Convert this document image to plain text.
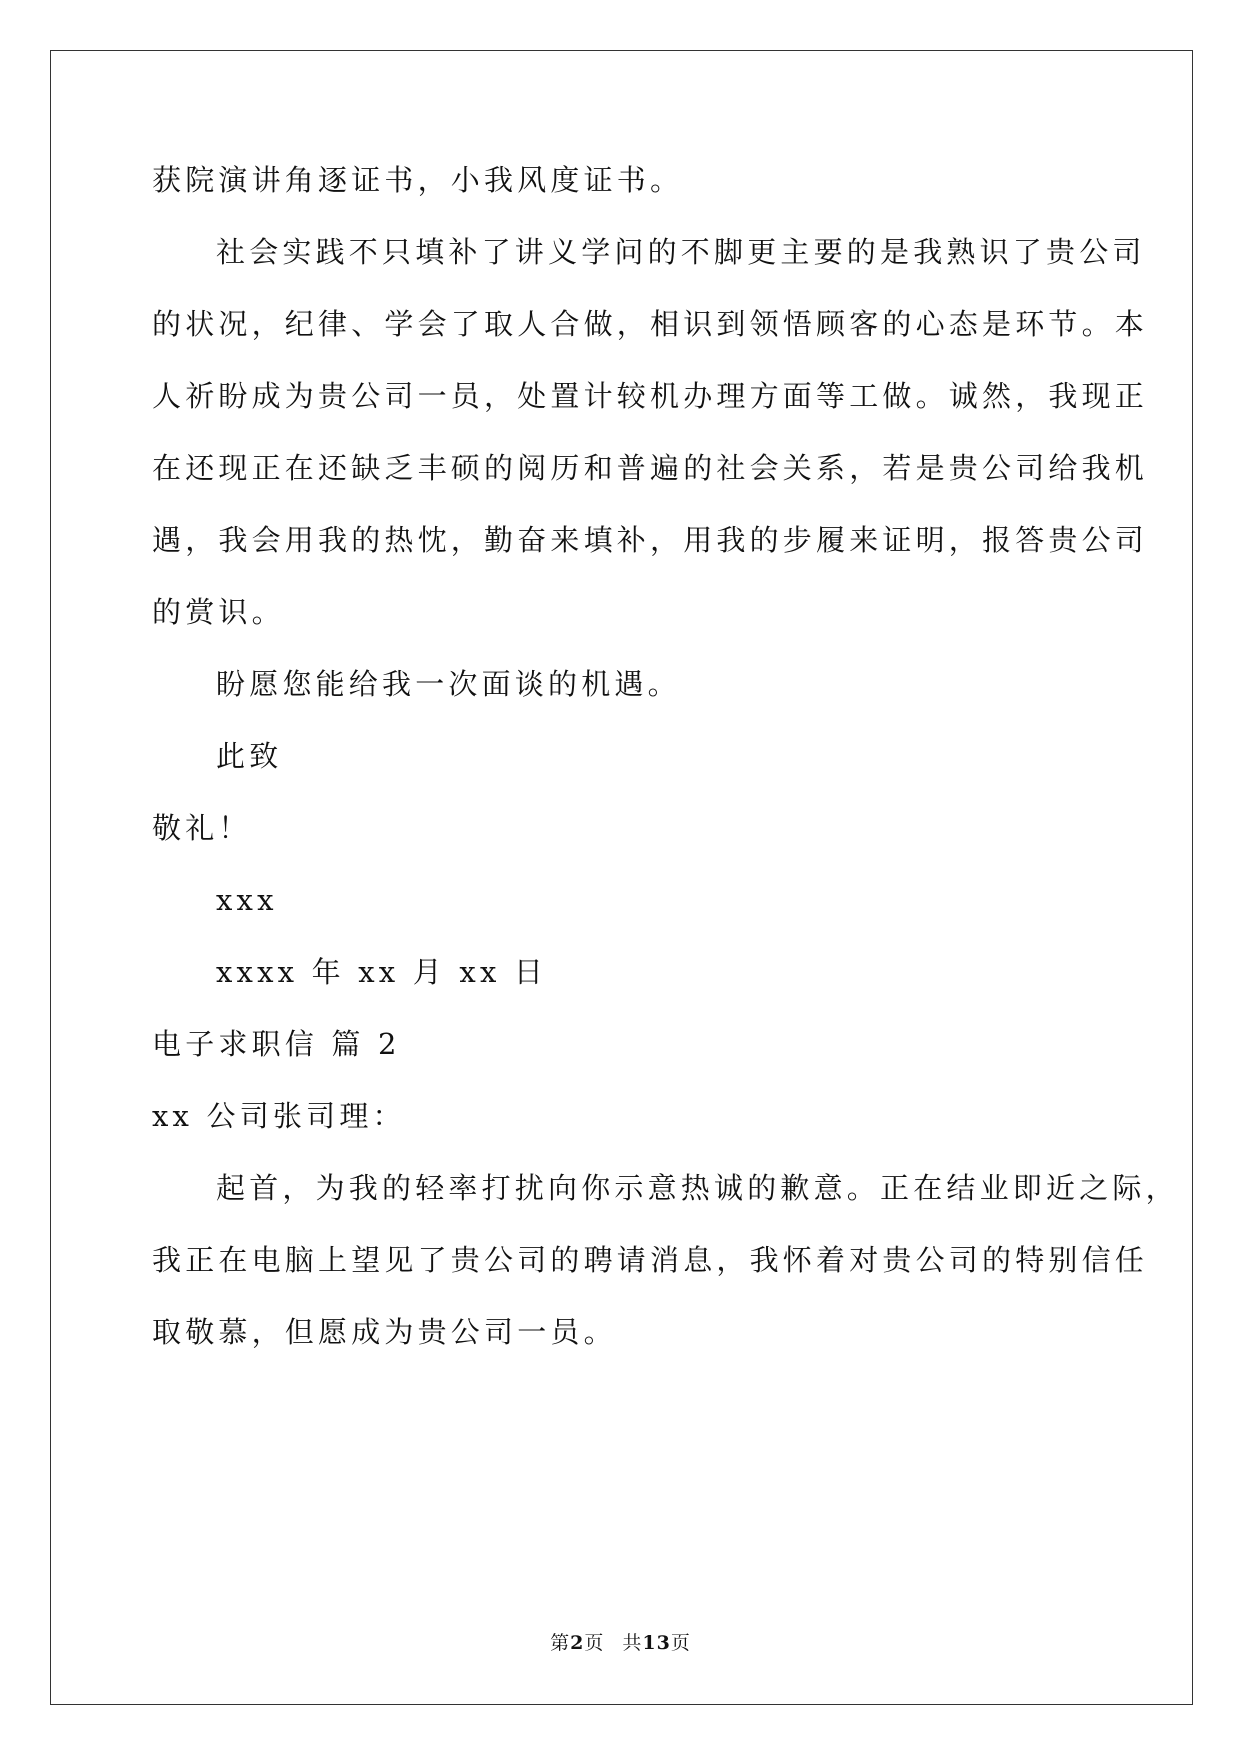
获院演讲角逐证书，小我风度证书。
社会实践不只填补了讲义学问的不脚更主要的是我熟识了贵公司
的状况，纪律、学会了取人合做，相识到领悟顾客的心态是环节。本
人祈盼成为贵公司一员，处置计较机办理方面等工做。诚然，我现正
在还现正在还缺乏丰硕的阅历和普遍的社会关系，若是贵公司给我机
遇，我会用我的热忱，勤奋来填补，用我的步履来证明，报答贵公司
的赏识。
盼愿您能给我一次面谈的机遇。
此致
敬礼！
xxx
xxxx 年 xx 月 xx 日
电子求职信 篇 2
xx 公司张司理：
起首，为我的轻率打扰向你示意热诚的歉意。正在结业即近之际，
我正在电脑上望见了贵公司的聘请消息，我怀着对贵公司的特别信任
取敬慕，但愿成为贵公司一员。
第2页 共13页
